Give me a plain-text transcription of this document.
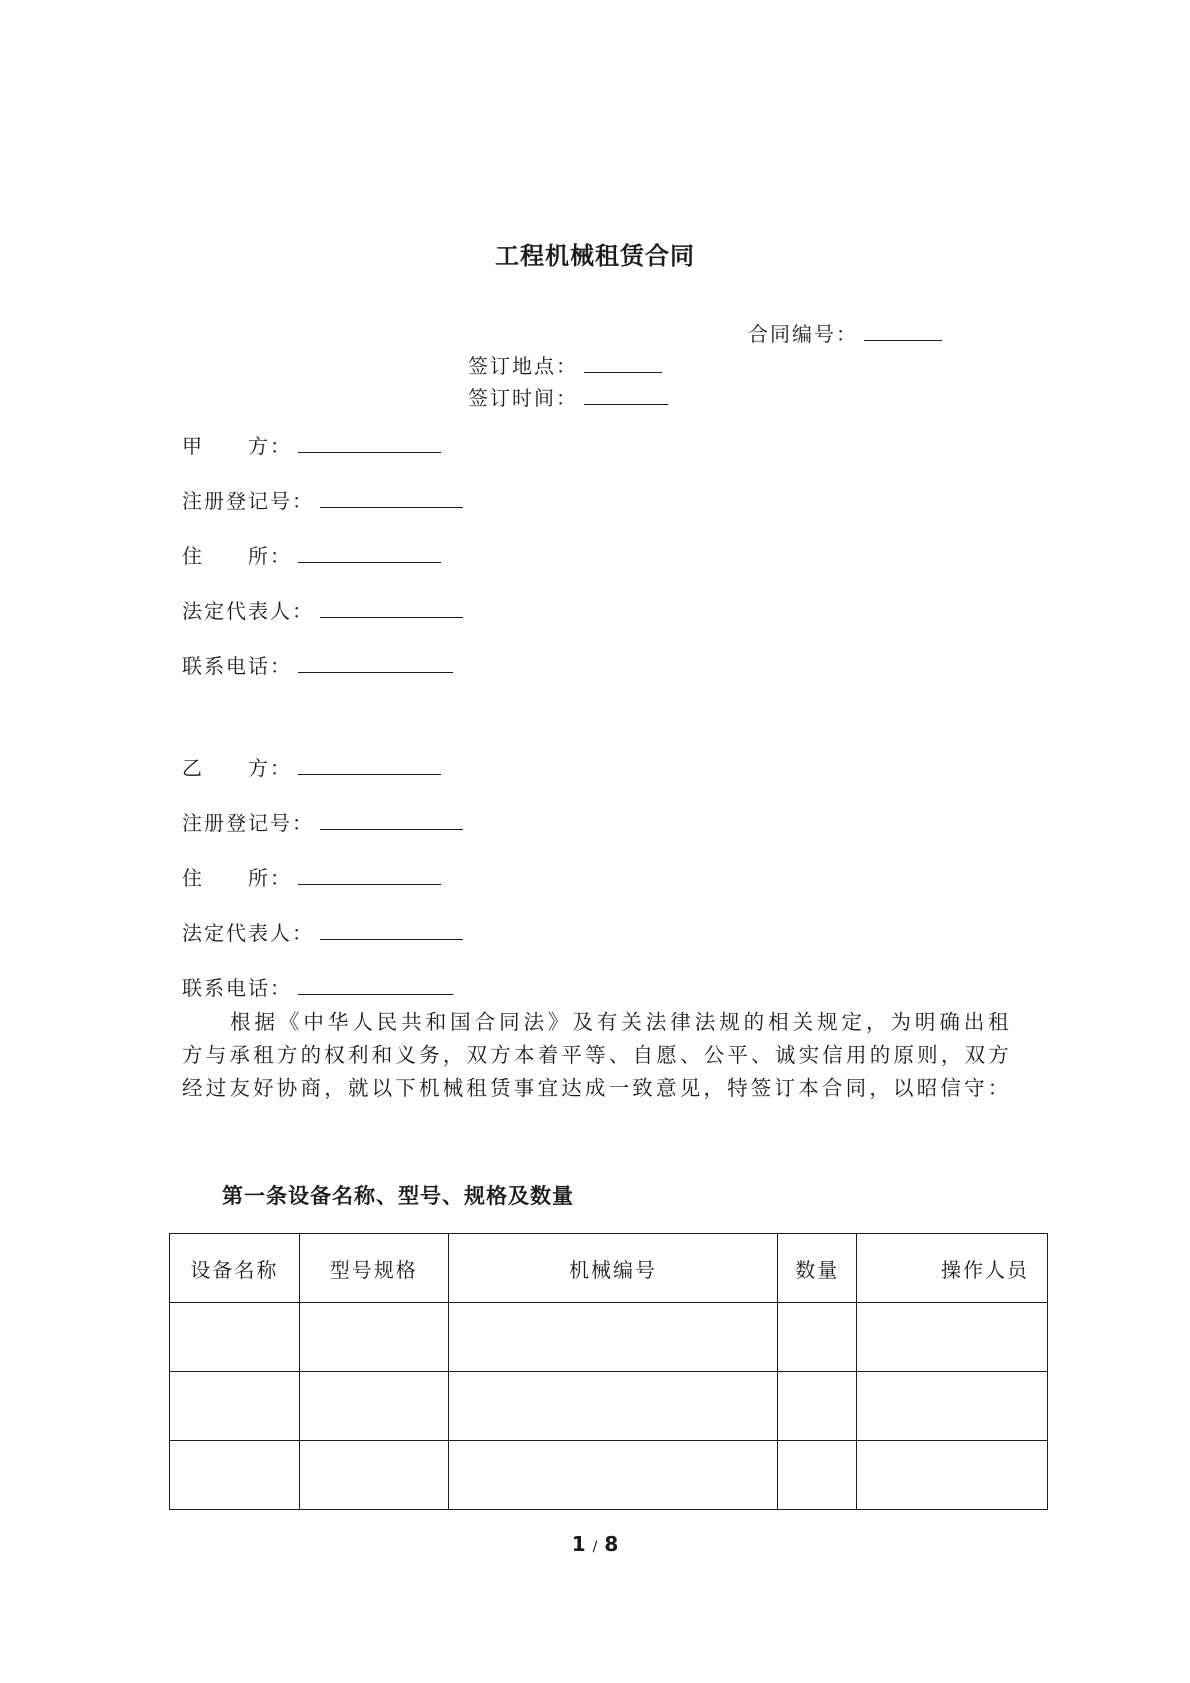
工程机械租赁合同
合同编号：
签订地点：
签订时间：
甲　　方：
注册登记号：
住　　所：
法定代表人：
联系电话：
乙　　方：
注册登记号：
住　　所：
法定代表人：
联系电话：
根据《中华人民共和国合同法》及有关法律法规的相关规定，为明确出租方与承租方的权利和义务，双方本着平等、自愿、公平、诚实信用的原则，双方经过友好协商，就以下机械租赁事宜达成一致意见，特签订本合同，以昭信守：
第一条设备名称、型号、规格及数量
设备名称	型号规格	机械编号	数量	操作人员

1 / 8
